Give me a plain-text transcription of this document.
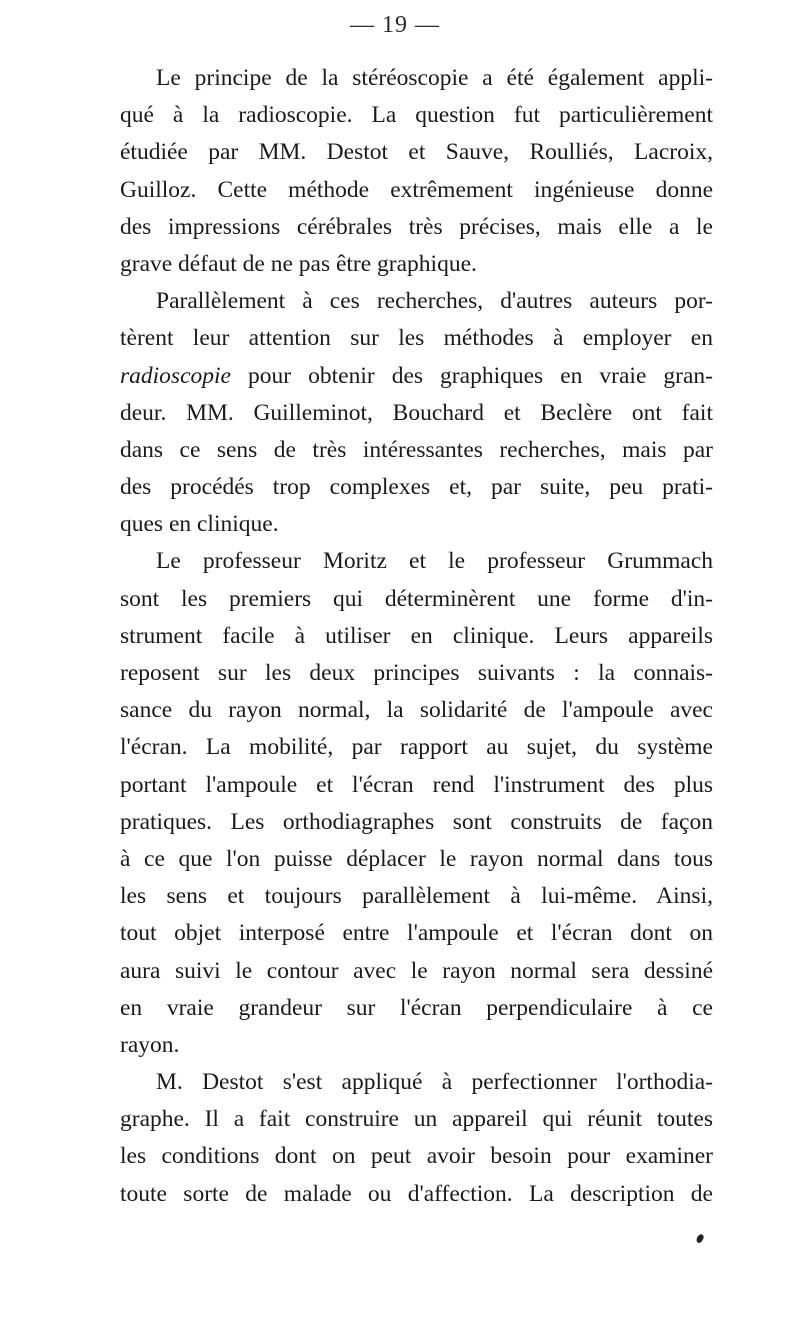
— 19 —
Le principe de la stéréoscopie a été également appli-
qué à la radioscopie. La question fut particulièrement
étudiée par MM. Destot et Sauve, Roulliés, Lacroix,
Guilloz. Cette méthode extrêmement ingénieuse donne
des impressions cérébrales très précises, mais elle a le
grave défaut de ne pas être graphique.
Parallèlement à ces recherches, d'autres auteurs por-
tèrent leur attention sur les méthodes à employer en
radioscopie pour obtenir des graphiques en vraie gran-
deur. MM. Guilleminot, Bouchard et Beclère ont fait
dans ce sens de très intéressantes recherches, mais par
des procédés trop complexes et, par suite, peu prati-
ques en clinique.
Le professeur Moritz et le professeur Grummach
sont les premiers qui déterminèrent une forme d'in-
strument facile à utiliser en clinique. Leurs appareils
reposent sur les deux principes suivants : la connais-
sance du rayon normal, la solidarité de l'ampoule avec
l'écran. La mobilité, par rapport au sujet, du système
portant l'ampoule et l'écran rend l'instrument des plus
pratiques. Les orthodiagraphes sont construits de façon
à ce que l'on puisse déplacer le rayon normal dans tous
les sens et toujours parallèlement à lui-même. Ainsi,
tout objet interposé entre l'ampoule et l'écran dont on
aura suivi le contour avec le rayon normal sera dessiné
en vraie grandeur sur l'écran perpendiculaire à ce
rayon.
M. Destot s'est appliqué à perfectionner l'orthodia-
graphe. Il a fait construire un appareil qui réunit toutes
les conditions dont on peut avoir besoin pour examiner
toute sorte de malade ou d'affection. La description de
